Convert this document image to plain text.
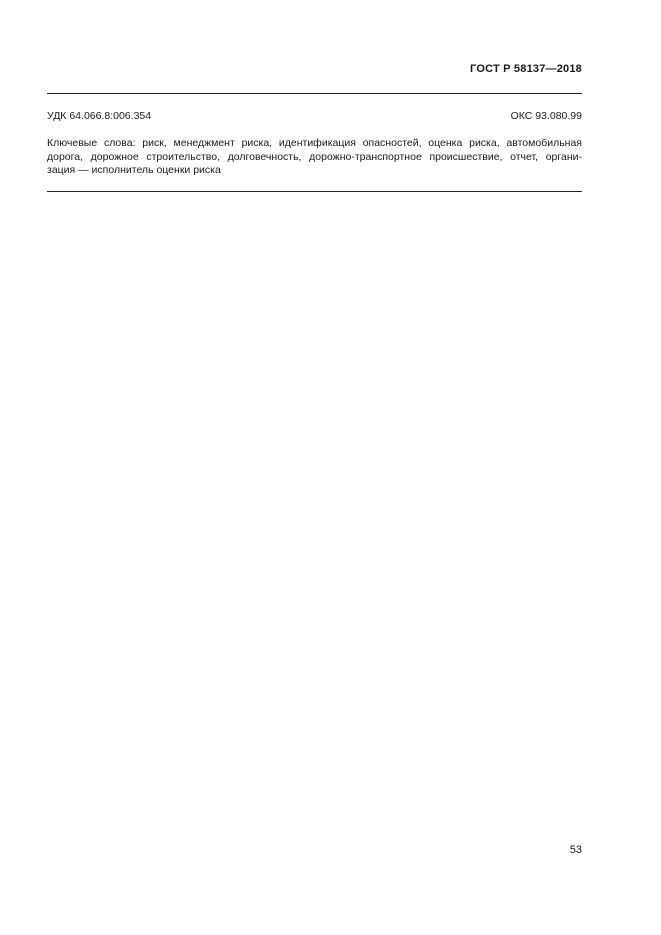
ГОСТ Р 58137—2018
УДК 64.066.8:006.354	ОКС 93.080.99
Ключевые слова: риск, менеджмент риска, идентификация опасностей, оценка риска, автомобильная
дорога, дорожное строительство, долговечность, дорожно-транспортное происшествие, отчет, органи-
зация — исполнитель оценки риска
53
